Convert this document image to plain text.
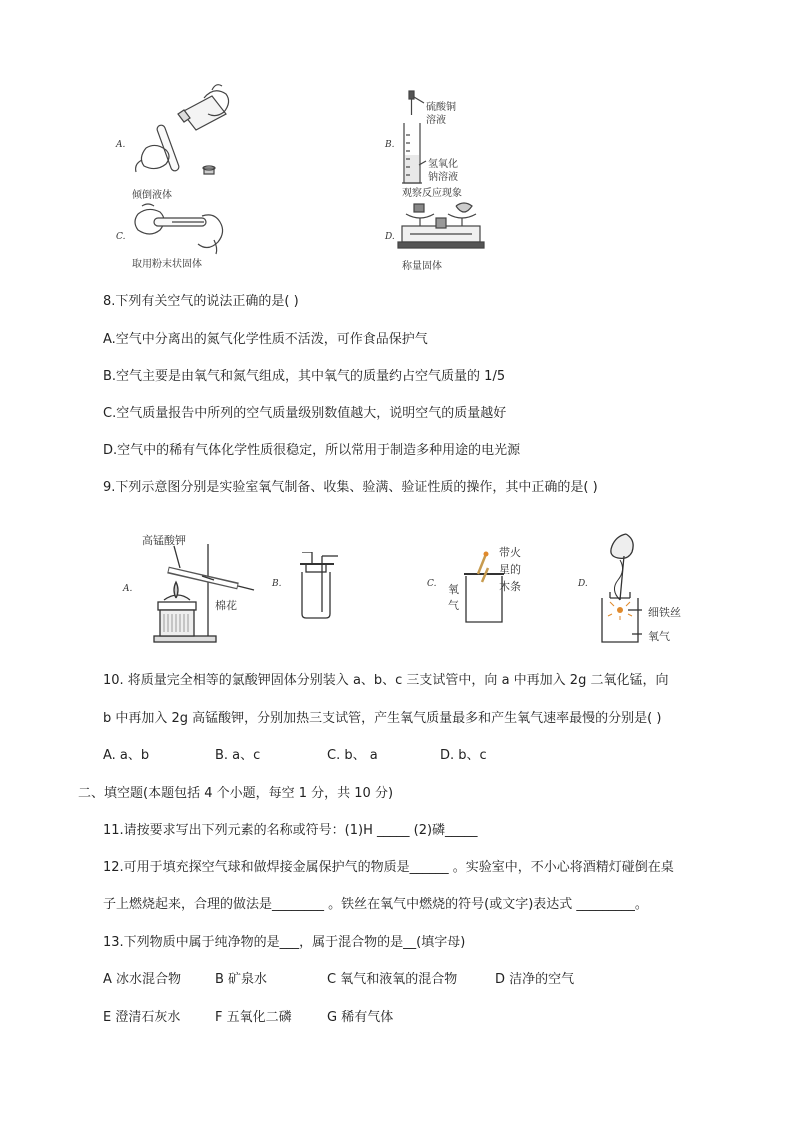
A.
倾倒液体
B.
硫酸铜
溶液
氢氧化
钠溶液
观察反应现象
C.
取用粉末状固体
D.
称量固体
8.下列有关空气的说法正确的是( )
A.空气中分离出的氮气化学性质不活泼，可作食品保护气
B.空气主要是由氧气和氮气组成，其中氧气的质量约占空气质量的 1/5
C.空气质量报告中所列的空气质量级别数值越大，说明空气的质量越好
D.空气中的稀有气体化学性质很稳定，所以常用于制造多种用途的电光源
9.下列示意图分别是实验室氧气制备、收集、验满、验证性质的操作，其中正确的是( )
A.
高锰酸钾
棉花
B.	C.
带火
星的
木条
氧
气
D.
细铁丝
氧气
10. 将质量完全相等的氯酸钾固体分别装入 a、b、c 三支试管中，向 a 中再加入 2g 二氧化锰，向
b 中再加入 2g 高锰酸钾，分别加热三支试管，产生氧气质量最多和产生氧气速率最慢的分别是( )
A. a、b	B. a、c	C. b、 a	D. b、c
二、填空题(本题包括 4 个小题，每空 1 分，共 10 分)
11.请按要求写出下列元素的名称或符号：(1)H _____ (2)磷_____
12.可用于填充探空气球和做焊接金属保护气的物质是______ 。实验室中，不小心将酒精灯碰倒在桌
子上燃烧起来，合理的做法是________ 。铁丝在氧气中燃烧的符号(或文字)表达式 _________。
13.下列物质中属于纯净物的是___，属于混合物的是__(填字母)
A 冰水混合物	B 矿泉水	C 氧气和液氧的混合物	D 洁净的空气
E 澄清石灰水	F 五氧化二磷	G 稀有气体
